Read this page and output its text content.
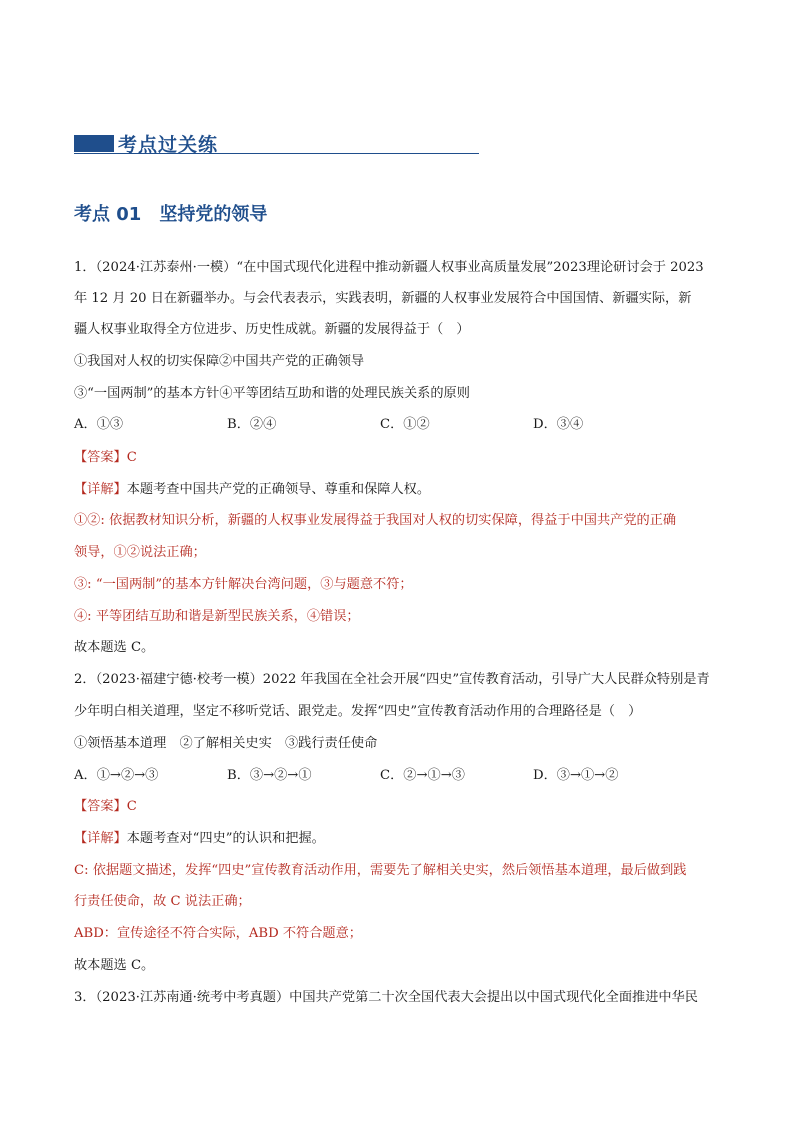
考点过关练
考点 01　坚持党的领导
1．（2024·江苏泰州·一模）“在中国式现代化进程中推动新疆人权事业高质量发展”2023理论研讨会于 2023
年 12 月 20 日在新疆举办。与会代表表示，实践表明，新疆的人权事业发展符合中国国情、新疆实际，新
疆人权事业取得全方位进步、历史性成就。新疆的发展得益于（　）
①我国对人权的切实保障②中国共产党的正确领导
③“一国两制”的基本方针④平等团结互助和谐的处理民族关系的原则
A．①③	B．②④	C．①②	D．③④
【答案】C
【详解】本题考查中国共产党的正确领导、尊重和保障人权。
①②: 依据教材知识分析，新疆的人权事业发展得益于我国对人权的切实保障，得益于中国共产党的正确
领导，①②说法正确；
③: “一国两制”的基本方针解决台湾问题，③与题意不符；
④: 平等团结互助和谐是新型民族关系，④错误；
故本题选 C。
2．（2023·福建宁德·校考一模）2022 年我国在全社会开展“四史”宣传教育活动，引导广大人民群众特别是青
少年明白相关道理，坚定不移听党话、跟党走。发挥“四史”宣传教育活动作用的合理路径是（　）
①领悟基本道理　②了解相关史实　③践行责任使命
A．①→②→③	B．③→②→①	C．②→①→③	D．③→①→②
【答案】C
【详解】本题考查对“四史”的认识和把握。
C: 依据题文描述，发挥“四史”宣传教育活动作用，需要先了解相关史实，然后领悟基本道理，最后做到践
行责任使命，故 C 说法正确；
ABD：宣传途径不符合实际，ABD 不符合题意；
故本题选 C。
3．（2023·江苏南通·统考中考真题）中国共产党第二十次全国代表大会提出以中国式现代化全面推进中华民
